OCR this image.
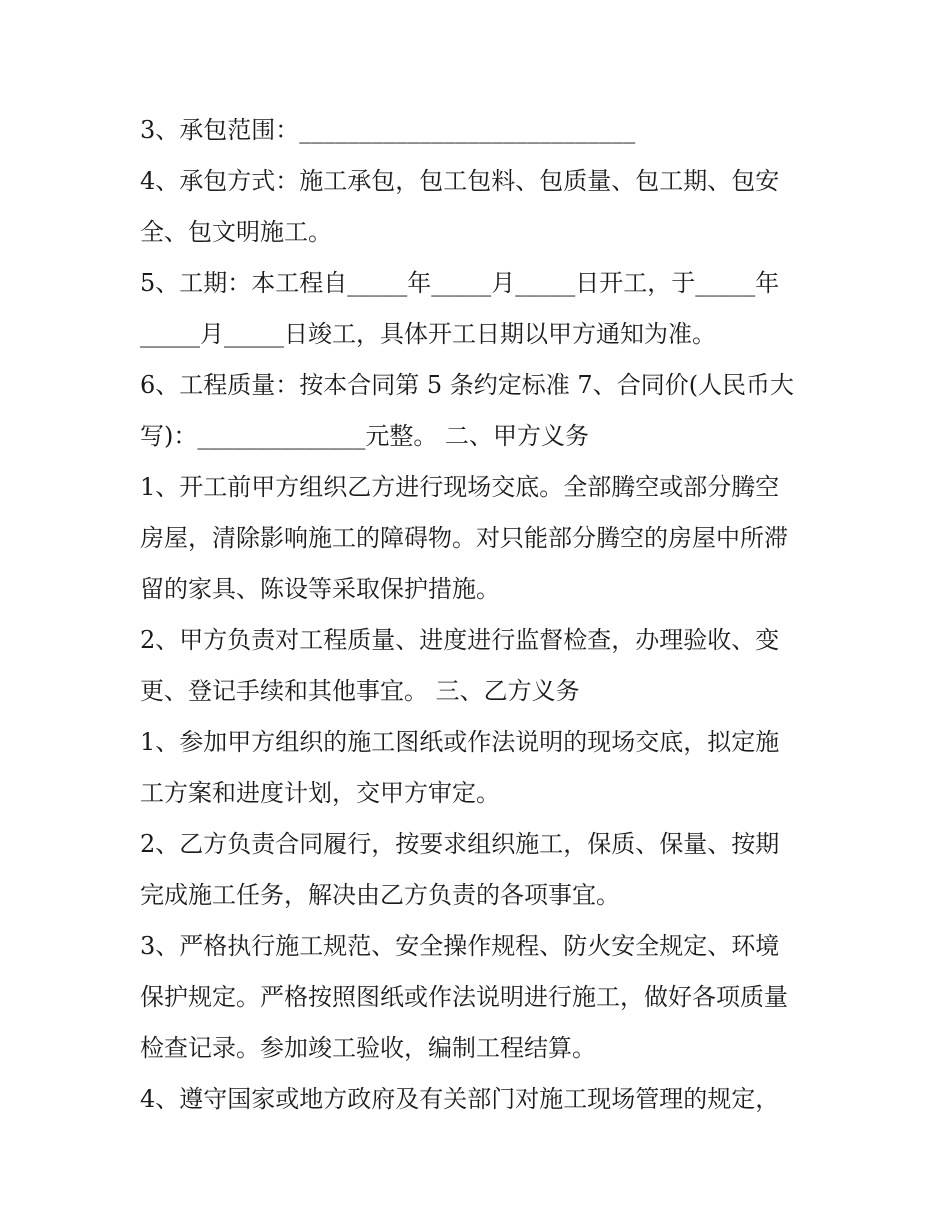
3、承包范围：____________________________
4、承包方式：施工承包，包工包料、包质量、包工期、包安
全、包文明施工。
5、工期：本工程自_____年_____月_____日开工，于_____年
_____月_____日竣工，具体开工日期以甲方通知为准。
6、工程质量：按本合同第 5 条约定标准 7、合同价(人民币大
写)：______________元整。 二、甲方义务
1、开工前甲方组织乙方进行现场交底。全部腾空或部分腾空
房屋，清除影响施工的障碍物。对只能部分腾空的房屋中所滞
留的家具、陈设等采取保护措施。
2、甲方负责对工程质量、进度进行监督检查，办理验收、变
更、登记手续和其他事宜。 三、乙方义务
1、参加甲方组织的施工图纸或作法说明的现场交底，拟定施
工方案和进度计划，交甲方审定。
2、乙方负责合同履行，按要求组织施工，保质、保量、按期
完成施工任务，解决由乙方负责的各项事宜。
3、严格执行施工规范、安全操作规程、防火安全规定、环境
保护规定。严格按照图纸或作法说明进行施工，做好各项质量
检查记录。参加竣工验收，编制工程结算。
4、遵守国家或地方政府及有关部门对施工现场管理的规定，
